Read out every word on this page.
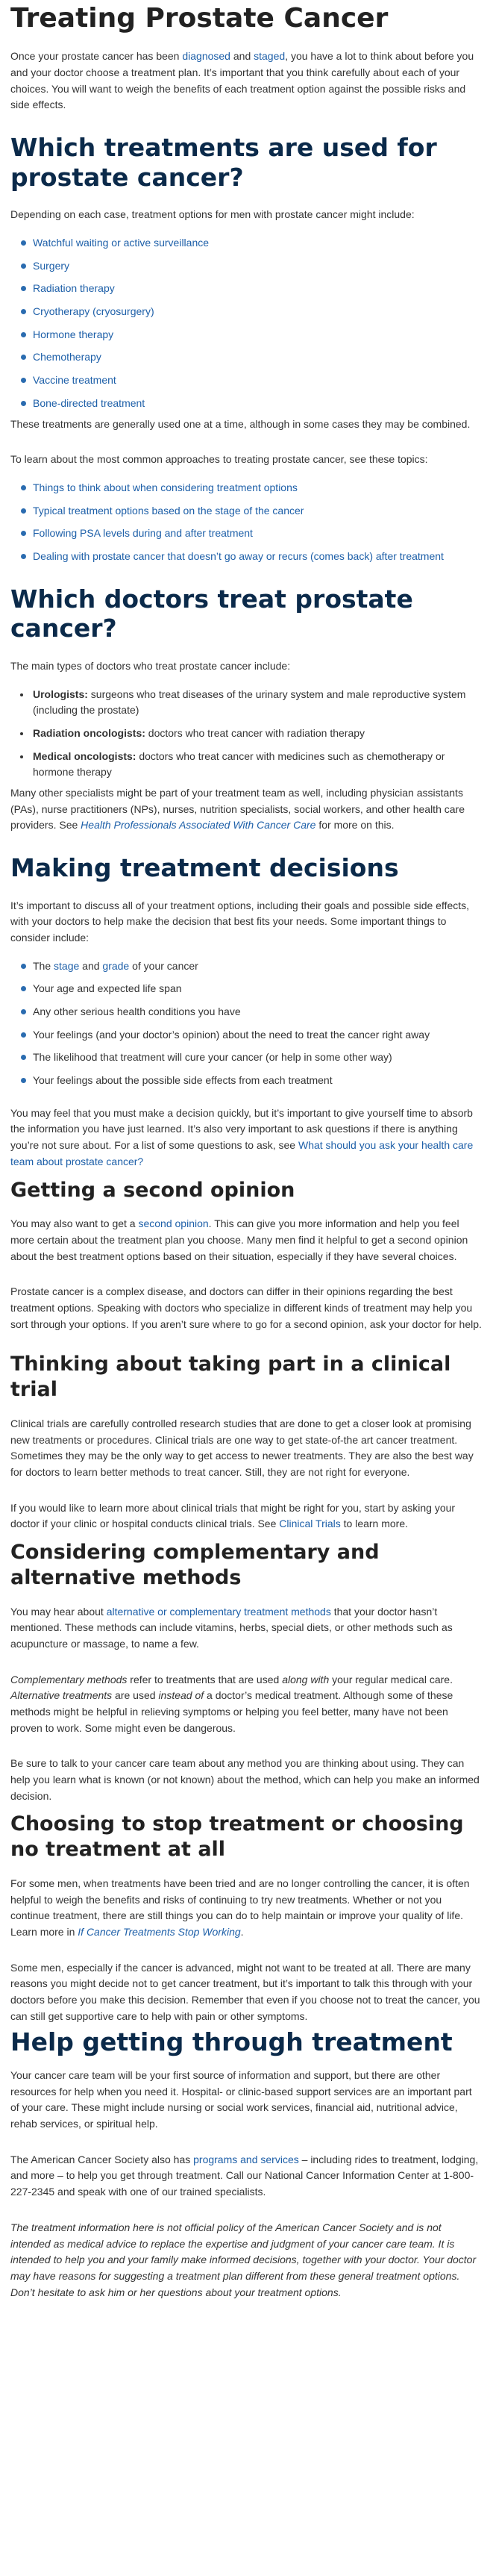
Treating Prostate Cancer

Once your prostate cancer has been diagnosed and staged, you have a lot to think about before you and your doctor choose a treatment plan. It’s important that you think carefully about each of your choices. You will want to weigh the benefits of each treatment option against the possible risks and side effects.

Which treatments are used for prostate cancer?

Depending on each case, treatment options for men with prostate cancer might include:

Watchful waiting or active surveillance
Surgery
Radiation therapy
Cryotherapy (cryosurgery)
Hormone therapy
Chemotherapy
Vaccine treatment
Bone-directed treatment

These treatments are generally used one at a time, although in some cases they may be combined.

To learn about the most common approaches to treating prostate cancer, see these topics:

Things to think about when considering treatment options
Typical treatment options based on the stage of the cancer
Following PSA levels during and after treatment
Dealing with prostate cancer that doesn’t go away or recurs (comes back) after treatment
Which doctors treat prostate cancer?

The main types of doctors who treat prostate cancer include:

• Urologists: surgeons who treat diseases of the urinary system and male reproductive system (including the prostate)
• Radiation oncologists: doctors who treat cancer with radiation therapy
• Medical oncologists: doctors who treat cancer with medicines such as chemotherapy or hormone therapy

Many other specialists might be part of your treatment team as well, including physician assistants (PAs), nurse practitioners (NPs), nurses, nutrition specialists, social workers, and other health care providers. See Health Professionals Associated With Cancer Care for more on this.

Making treatment decisions

It’s important to discuss all of your treatment options, including their goals and possible side effects, with your doctors to help make the decision that best fits your needs. Some important things to consider include:

The stage and grade of your cancer
Your age and expected life span
Any other serious health conditions you have
Your feelings (and your doctor’s opinion) about the need to treat the cancer right away
The likelihood that treatment will cure your cancer (or help in some other way)
Your feelings about the possible side effects from each treatment

You may feel that you must make a decision quickly, but it’s important to give yourself time to absorb the information you have just learned. It’s also very important to ask questions if there is anything you’re not sure about. For a list of some questions to ask, see What should you ask your health care team about prostate cancer?

Getting a second opinion

You may also want to get a second opinion. This can give you more information and help you feel more certain about the treatment plan you choose. Many men find it helpful to get a second opinion about the best treatment options based on their situation, especially if they have several choices.

Prostate cancer is a complex disease, and doctors can differ in their opinions regarding the best treatment options. Speaking with doctors who specialize in different kinds of treatment may help you sort through your options. If you aren’t sure where to go for a second opinion, ask your doctor for help.

Thinking about taking part in a clinical trial

Clinical trials are carefully controlled research studies that are done to get a closer look at promising new treatments or procedures. Clinical trials are one way to get state-of-the art cancer treatment. Sometimes they may be the only way to get access to newer treatments. They are also the best way for doctors to learn better methods to treat cancer. Still, they are not right for everyone.

If you would like to learn more about clinical trials that might be right for you, start by asking your doctor if your clinic or hospital conducts clinical trials. See Clinical Trials to learn more.

Considering complementary and alternative methods

You may hear about alternative or complementary treatment methods that your doctor hasn’t mentioned. These methods can include vitamins, herbs, special diets, or other methods such as acupuncture or massage, to name a few.

Complementary methods refer to treatments that are used along with your regular medical care. Alternative treatments are used instead of a doctor’s medical treatment. Although some of these methods might be helpful in relieving symptoms or helping you feel better, many have not been proven to work. Some might even be dangerous.

Be sure to talk to your cancer care team about any method you are thinking about using. They can help you learn what is known (or not known) about the method, which can help you make an informed decision.

Choosing to stop treatment or choosing no treatment at all

For some men, when treatments have been tried and are no longer controlling the cancer, it is often helpful to weigh the benefits and risks of continuing to try new treatments. Whether or not you continue treatment, there are still things you can do to help maintain or improve your quality of life. Learn more in If Cancer Treatments Stop Working.

Some men, especially if the cancer is advanced, might not want to be treated at all. There are many reasons you might decide not to get cancer treatment, but it’s important to talk this through with your doctors before you make this decision. Remember that even if you choose not to treat the cancer, you can still get supportive care to help with pain or other symptoms.

Help getting through treatment

Your cancer care team will be your first source of information and support, but there are other resources for help when you need it. Hospital- or clinic-based support services are an important part of your care. These might include nursing or social work services, financial aid, nutritional advice, rehab services, or spiritual help.

The American Cancer Society also has programs and services – including rides to treatment, lodging, and more – to help you get through treatment. Call our National Cancer Information Center at 1-800-227-2345 and speak with one of our trained specialists.

The treatment information here is not official policy of the American Cancer Society and is not intended as medical advice to replace the expertise and judgment of your cancer care team. It is intended to help you and your family make informed decisions, together with your doctor. Your doctor may have reasons for suggesting a treatment plan different from these general treatment options. Don’t hesitate to ask him or her questions about your treatment options.
